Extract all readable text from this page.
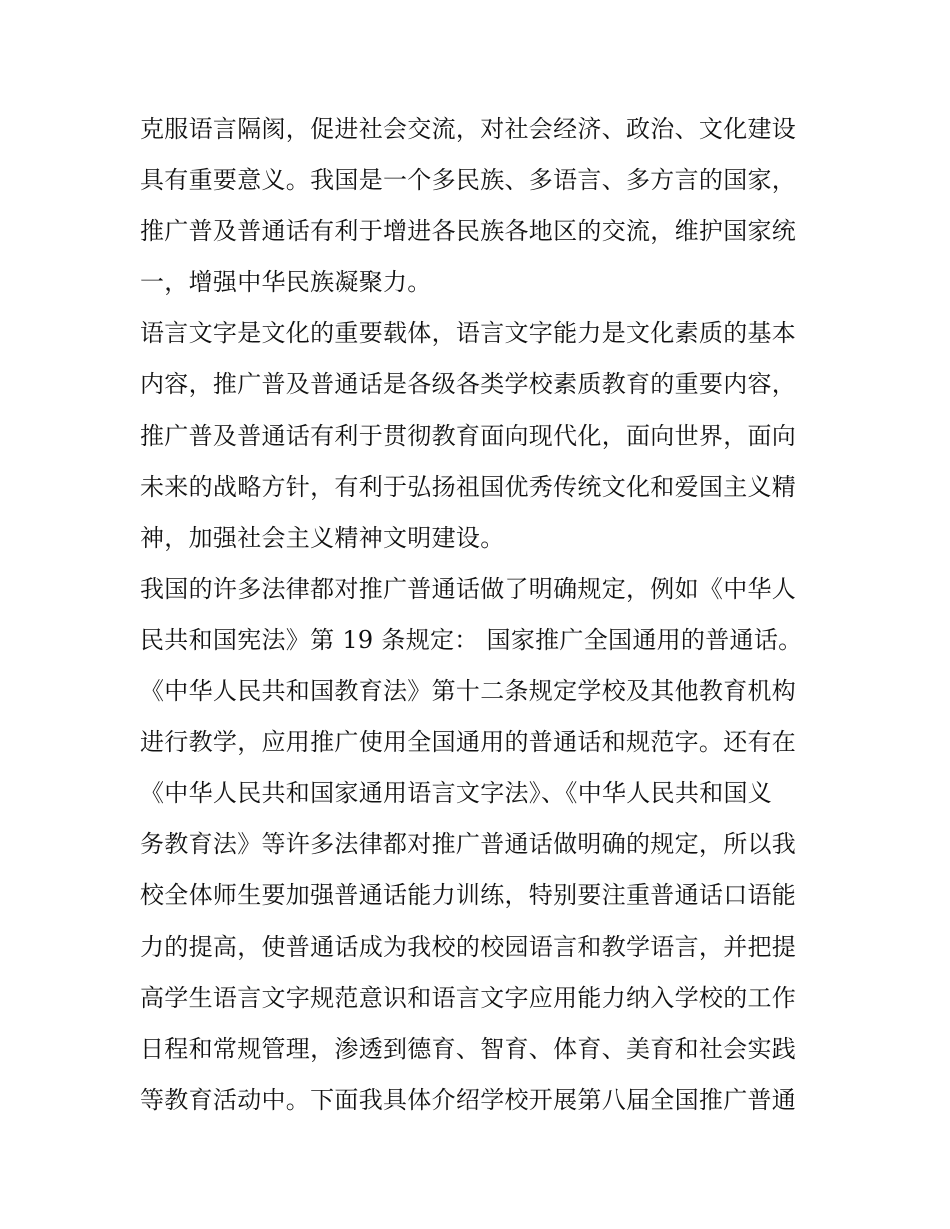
克服语言隔阂，促进社会交流，对社会经济、政治、文化建设
具有重要意义。我国是一个多民族、多语言、多方言的国家，
推广普及普通话有利于增进各民族各地区的交流，维护国家统
一，增强中华民族凝聚力。
语言文字是文化的重要载体，语言文字能力是文化素质的基本
内容，推广普及普通话是各级各类学校素质教育的重要内容，
推广普及普通话有利于贯彻教育面向现代化，面向世界，面向
未来的战略方针，有利于弘扬祖国优秀传统文化和爱国主义精
神，加强社会主义精神文明建设。
我国的许多法律都对推广普通话做了明确规定，例如《中华人
民共和国宪法》第 19 条规定： 国家推广全国通用的普通话。
《中华人民共和国教育法》第十二条规定学校及其他教育机构
进行教学，应用推广使用全国通用的普通话和规范字。还有在
《中华人民共和国家通用语言文字法》、《中华人民共和国义
务教育法》等许多法律都对推广普通话做明确的规定，所以我
校全体师生要加强普通话能力训练，特别要注重普通话口语能
力的提高，使普通话成为我校的校园语言和教学语言，并把提
高学生语言文字规范意识和语言文字应用能力纳入学校的工作
日程和常规管理，渗透到德育、智育、体育、美育和社会实践
等教育活动中。下面我具体介绍学校开展第八届全国推广普通
